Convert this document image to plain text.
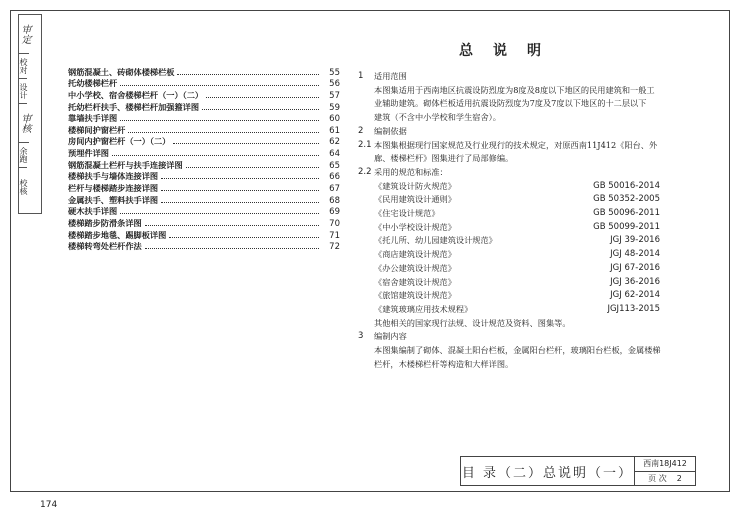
审定
校对
设计
审核
余跑
校核
钢筋混凝土、砖砌体楼梯栏板	55
托幼楼梯栏杆	56
中小学校、宿舍楼梯栏杆（一）（二）	57
托幼栏杆扶手、楼梯栏杆加强箍详图	59
靠墙扶手详图	60
楼梯间护窗栏杆	61
房间内护窗栏杆（一）（二）	62
预埋件详图	64
钢筋混凝土栏杆与扶手连接详图	65
楼梯扶手与墙体连接详图	66
栏杆与楼梯踏步连接详图	67
金属扶手、塑料扶手详图	68
硬木扶手详图	69
楼梯踏步防滑条详图	70
楼梯踏步地毯、踢脚板详图	71
楼梯转弯处栏杆作法	72
总说明
1	适用范围
本图集适用于西南地区抗震设防烈度为8度及8度以下地区的民用建筑和一般工
业辅助建筑。砌体栏板适用抗震设防烈度为7度及7度以下地区的十二层以下
建筑（不含中小学校和学生宿舍）。
2	编制依据
2.1 本图集根据现行国家规范及行业现行的技术规定，对原西南11J412《阳台、外
廊、楼梯栏杆》图集进行了局部修编。
2.2 采用的规范和标准：
《建筑设计防火规范》	GB 50016-2014
《民用建筑设计通则》	GB 50352-2005
《住宅设计规范》	GB 50096-2011
《中小学校设计规范》	GB 50099-2011
《托儿所、幼儿园建筑设计规范》	JGJ 39-2016
《商店建筑设计规范》	JGJ 48-2014
《办公建筑设计规范》	JGJ 67-2016
《宿舍建筑设计规范》	JGJ 36-2016
《旅馆建筑设计规范》	JGJ 62-2014
《建筑玻璃应用技术规程》	JGJ113-2015
其他相关的国家现行法规、设计规范及资料、图集等。
3	编制内容
本图集编制了砌体、混凝土阳台栏板，金属阳台栏杆，玻璃阳台栏板，金属楼梯
栏杆，木楼梯栏杆等构造和大样详图。
目 录（二）总说明（一）
西南18J412
页 次 2
174
